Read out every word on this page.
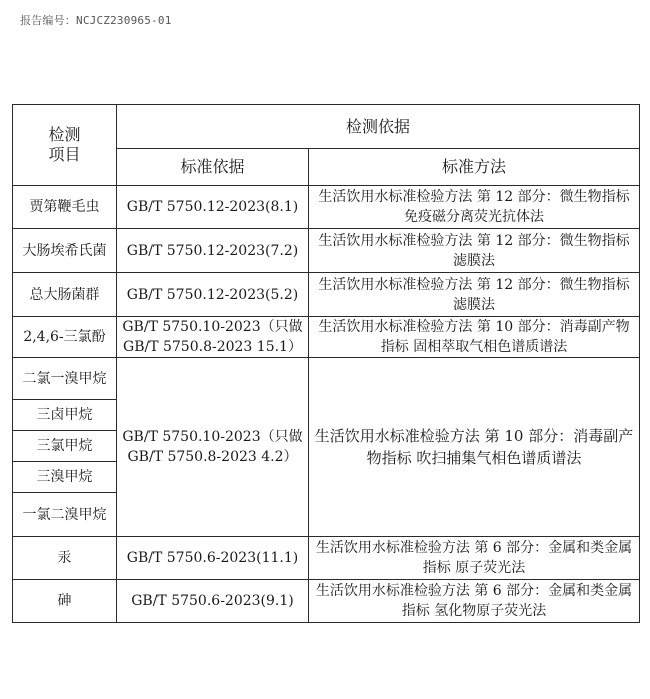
报告编号：NCJCZ230965-01
检测
项目	检测依据	
	标准依据	标准方法
贾第鞭毛虫	GB/T 5750.12-2023(8.1)	生活饮用水标准检验方法 第 12 部分：微生物指标 免疫磁分离荧光抗体法
大肠埃希氏菌	GB/T 5750.12-2023(7.2)	生活饮用水标准检验方法 第 12 部分：微生物指标 滤膜法
总大肠菌群	GB/T 5750.12-2023(5.2)	生活饮用水标准检验方法 第 12 部分：微生物指标 滤膜法
2,4,6-三氯酚	GB/T 5750.10-2023（只做GB/T 5750.8-2023 15.1）	生活饮用水标准检验方法 第 10 部分：消毒副产物指标 固相萃取气相色谱质谱法
二氯一溴甲烷	GB/T 5750.10-2023（只做GB/T 5750.8-2023 4.2）	生活饮用水标准检验方法 第 10 部分：消毒副产物指标 吹扫捕集气相色谱质谱法
三卤甲烷		
三氯甲烷		
三溴甲烷		
一氯二溴甲烷		
汞	GB/T 5750.6-2023(11.1)	生活饮用水标准检验方法 第 6 部分：金属和类金属指标 原子荧光法
砷	GB/T 5750.6-2023(9.1)	生活饮用水标准检验方法 第 6 部分：金属和类金属指标 氢化物原子荧光法
